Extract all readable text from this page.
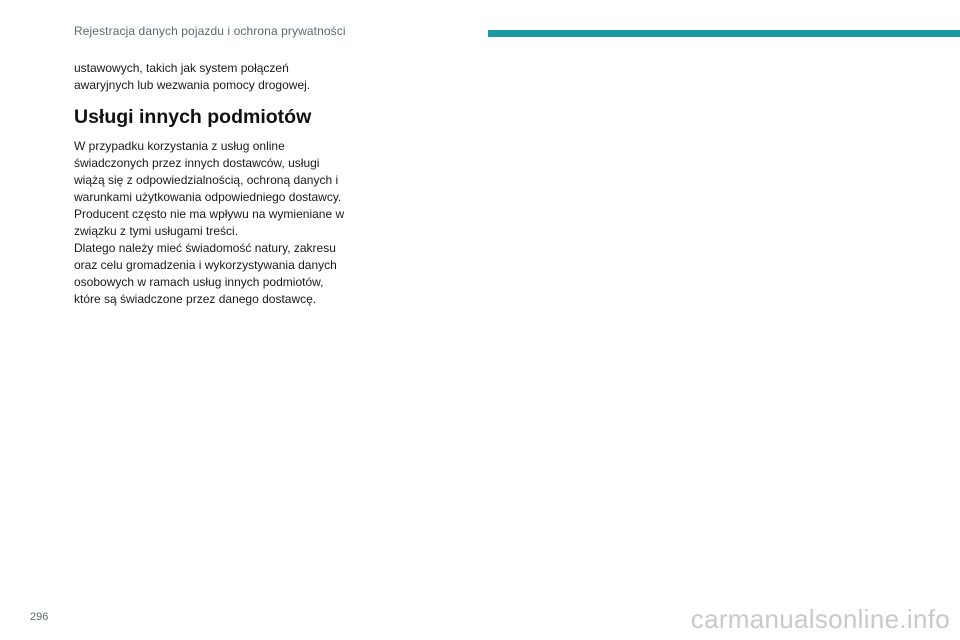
Rejestracja danych pojazdu i ochrona prywatności

ustawowych, takich jak system połączeń awaryjnych lub wezwania pomocy drogowej.

Usługi innych podmiotów

W przypadku korzystania z usług online świadczonych przez innych dostawców, usługi wiążą się z odpowiedzialnością, ochroną danych i warunkami użytkowania odpowiedniego dostawcy. Producent często nie ma wpływu na wymieniane w związku z tymi usługami treści.

Dlatego należy mieć świadomość natury, zakresu oraz celu gromadzenia i wykorzystywania danych osobowych w ramach usług innych podmiotów, które są świadczone przez danego dostawcę.

296	carmanualsonline.info
